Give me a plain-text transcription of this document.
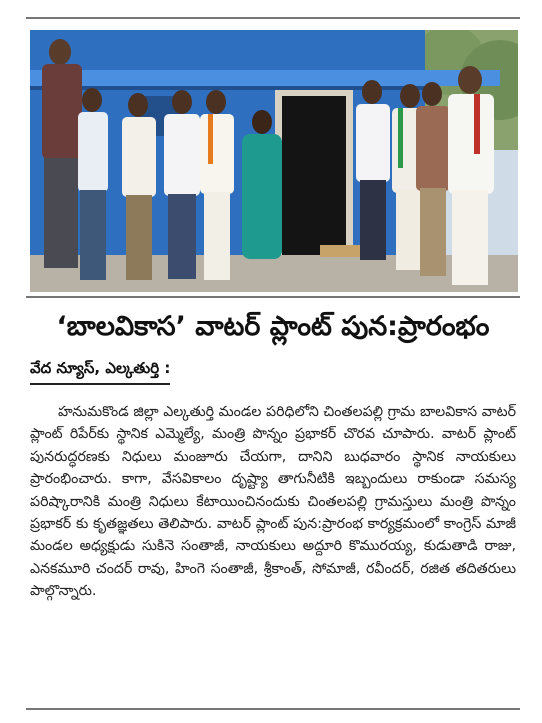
‘బాలవికాస’ వాటర్ ప్లాంట్ పున:ప్రారంభం
వేద న్యూస్, ఎల్కతుర్తి :
హనుమకొండ జిల్లా ఎల్కతుర్తి మండల పరిధిలోని చింతలపల్లి గ్రామ బాలవికాస వాటర్ ప్లాంట్ రిపేర్‌కు స్థానిక ఎమ్మెల్యే, మంత్రి పొన్నం ప్రభాకర్ చొరవ చూపారు. వాటర్ ప్లాంట్ పునరుద్ధరణకు నిధులు మంజూరు చేయగా, దానిని బుధవారం స్థానిక నాయకులు ప్రారంభించారు. కాగా, వేసవికాలం దృష్ట్యా తాగునీటికి ఇబ్బందులు రాకుండా సమస్య పరిష్కారానికి మంత్రి నిధులు కేటాయించినందుకు చింతలపల్లి గ్రామస్తులు మంత్రి పొన్నం ప్రభాకర్ కు కృతజ్ఞతలు తెలిపారు. వాటర్ ప్లాంట్ పున:ప్రారంభ కార్యక్రమంలో కాంగ్రెస్ మాజీ మండల అధ్యక్షుడు సుకినె సంతాజీ, నాయకులు అద్దూరి కొమురయ్య, కుడుతాడి రాజు, ఎనకమూరి చందర్ రావు, హింగె సంతాజీ, శ్రీకాంత్, సోమాజీ, రవీందర్, రజిత తదితరులు పాల్గొన్నారు.
